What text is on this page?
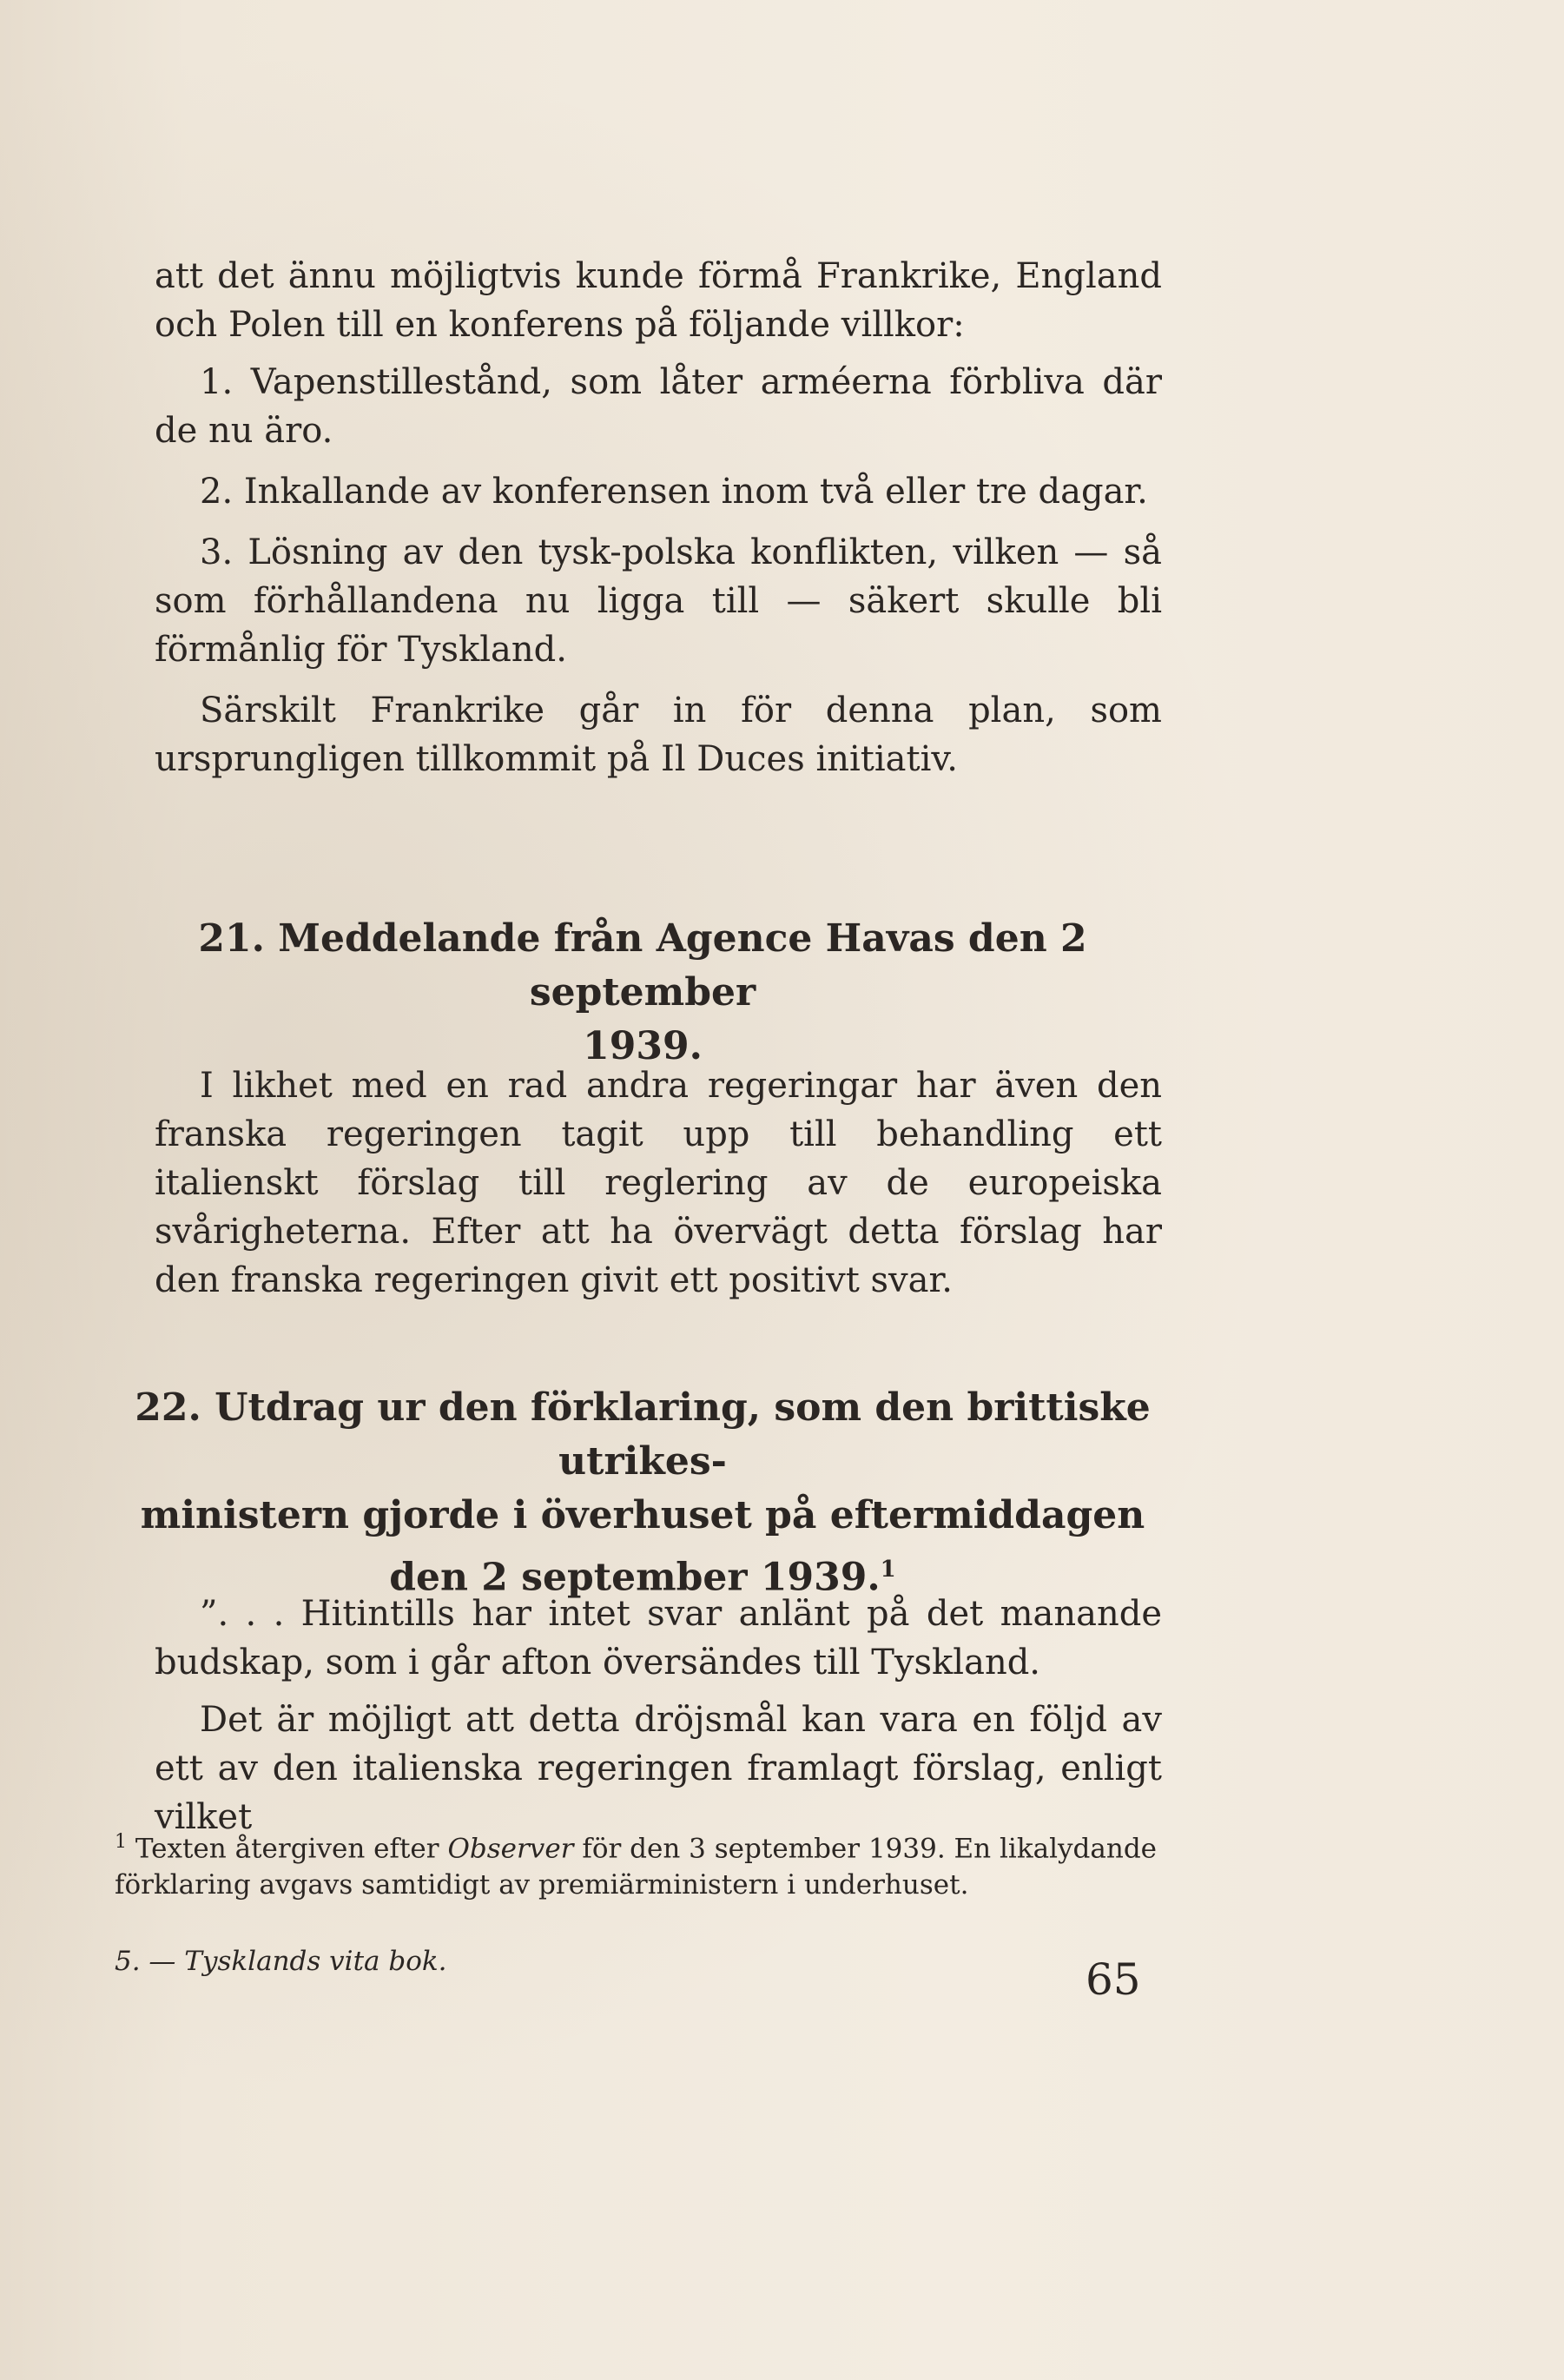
att det ännu möjligtvis kunde förmå Frankrike, England och Polen till en konferens på följande villkor:

1. Vapenstillestånd, som låter arméerna förbliva där de nu äro.

2. Inkallande av konferensen inom två eller tre dagar.

3. Lösning av den tysk-polska konflikten, vilken — så som förhållandena nu ligga till — säkert skulle bli förmånlig för Tyskland.

Särskilt Frankrike går in för denna plan, som ursprungligen tillkommit på Il Duces initiativ.

21. Meddelande från Agence Havas den 2 september
1939.

I likhet med en rad andra regeringar har även den franska regeringen tagit upp till behandling ett italienskt förslag till reglering av de europeiska svårigheterna. Efter att ha övervägt detta förslag har den franska regeringen givit ett positivt svar.

22. Utdrag ur den förklaring, som den brittiske utrikes-
ministern gjorde i överhuset på eftermiddagen
den 2 september 1939.$^1$

”. . . Hitintills har intet svar anlänt på det manande budskap, som i går afton översändes till Tyskland.

Det är möjligt att detta dröjsmål kan vara en följd av ett av den italienska regeringen framlagt förslag, enligt vilket

$^1$ Texten återgiven efter Observer för den 3 september 1939. En likalydande förklaring avgavs samtidigt av premiärministern i underhuset.
5. — Tysklands vita bok.	65
